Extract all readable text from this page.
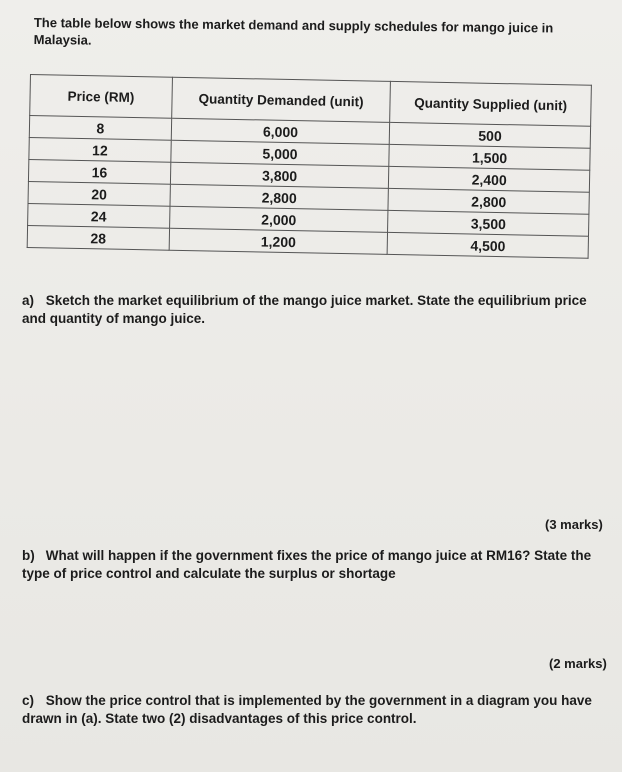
The table below shows the market demand and supply schedules for mango juice in Malaysia.
Price (RM)	Quantity Demanded (unit)	Quantity Supplied (unit)
8	6,000	500
12	5,000	1,500
16	3,800	2,400
20	2,800	2,800
24	2,000	3,500
28	1,200	4,500
a) Sketch the market equilibrium of the mango juice market. State the equilibrium price and quantity of mango juice.
(3 marks)
b) What will happen if the government fixes the price of mango juice at RM16? State the type of price control and calculate the surplus or shortage
(2 marks)
c) Show the price control that is implemented by the government in a diagram you have drawn in (a). State two (2) disadvantages of this price control.
